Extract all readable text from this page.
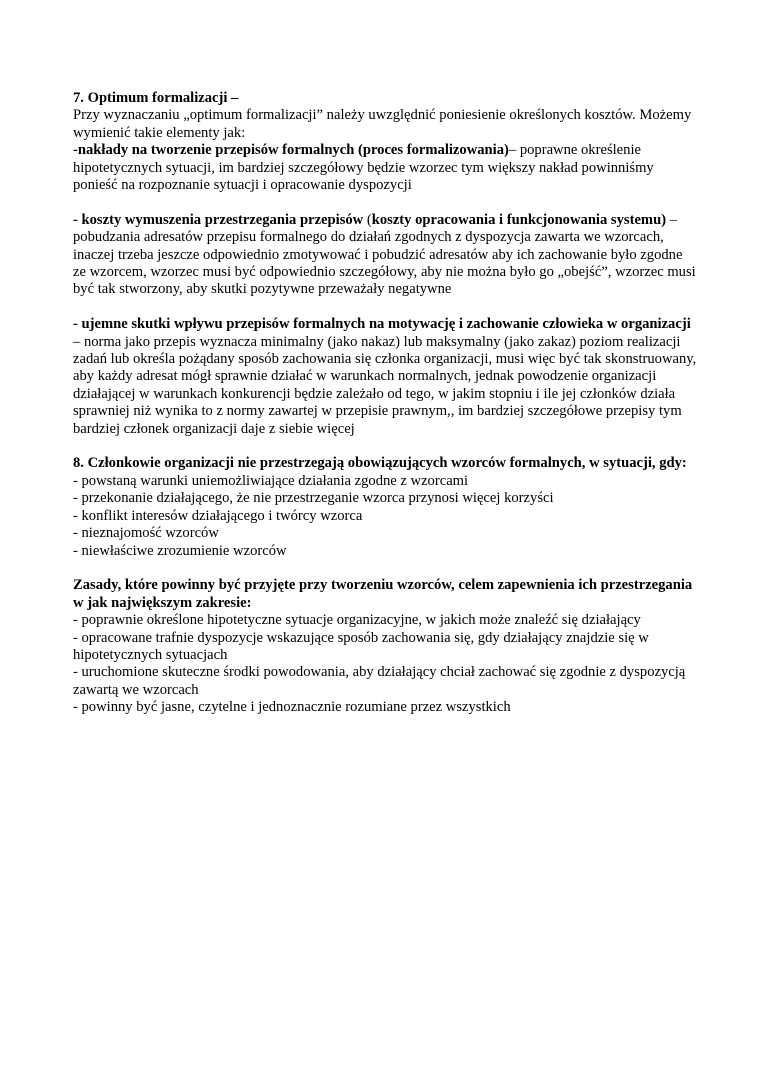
7. Optimum formalizacji –

Przy wyznaczaniu „optimum formalizacji” należy uwzględnić poniesienie określonych kosztów. Możemy wymienić takie elementy jak:

-nakłady na tworzenie przepisów formalnych (proces formalizowania)– poprawne określenie hipotetycznych sytuacji, im bardziej szczegółowy będzie wzorzec tym większy nakład powinniśmy ponieść na rozpoznanie sytuacji i opracowanie dyspozycji

- koszty wymuszenia przestrzegania przepisów (koszty opracowania i funkcjonowania systemu) – pobudzania adresatów przepisu formalnego do działań zgodnych z dyspozycja zawarta we wzorcach, inaczej trzeba jeszcze odpowiednio zmotywować i pobudzić adresatów aby ich zachowanie było zgodne ze wzorcem, wzorzec musi być odpowiednio szczegółowy, aby nie można było go „obejść”, wzorzec musi być tak stworzony, aby skutki pozytywne przeważały negatywne

- ujemne skutki wpływu przepisów formalnych na motywację i zachowanie człowieka w organizacji – norma jako przepis wyznacza minimalny (jako nakaz) lub maksymalny (jako zakaz) poziom realizacji zadań lub określa pożądany sposób zachowania się członka organizacji, musi więc być tak skonstruowany, aby każdy adresat mógł sprawnie działać w warunkach normalnych, jednak powodzenie organizacji działającej w warunkach konkurencji będzie zależało od tego, w jakim stopniu i ile jej członków działa sprawniej niż wynika to z normy zawartej w przepisie prawnym,, im bardziej szczegółowe przepisy tym bardziej członek organizacji daje z siebie więcej

8. Członkowie organizacji nie przestrzegają obowiązujących wzorców formalnych, w sytuacji, gdy:

- powstaną warunki uniemożliwiające działania zgodne z wzorcami

- przekonanie działającego, że nie przestrzeganie wzorca przynosi więcej korzyści

- konflikt interesów działającego i twórcy wzorca

- nieznajomość wzorców

- niewłaściwe zrozumienie wzorców

Zasady, które powinny być przyjęte przy tworzeniu wzorców, celem zapewnienia ich przestrzegania w jak największym zakresie:

- poprawnie określone hipotetyczne sytuacje organizacyjne, w jakich może znaleźć się działający

- opracowane trafnie dyspozycje wskazujące sposób zachowania się, gdy działający znajdzie się w hipotetycznych sytuacjach

- uruchomione skuteczne środki powodowania, aby działający chciał zachować się zgodnie z dyspozycją zawartą we wzorcach

- powinny być jasne, czytelne i jednoznacznie rozumiane przez wszystkich
